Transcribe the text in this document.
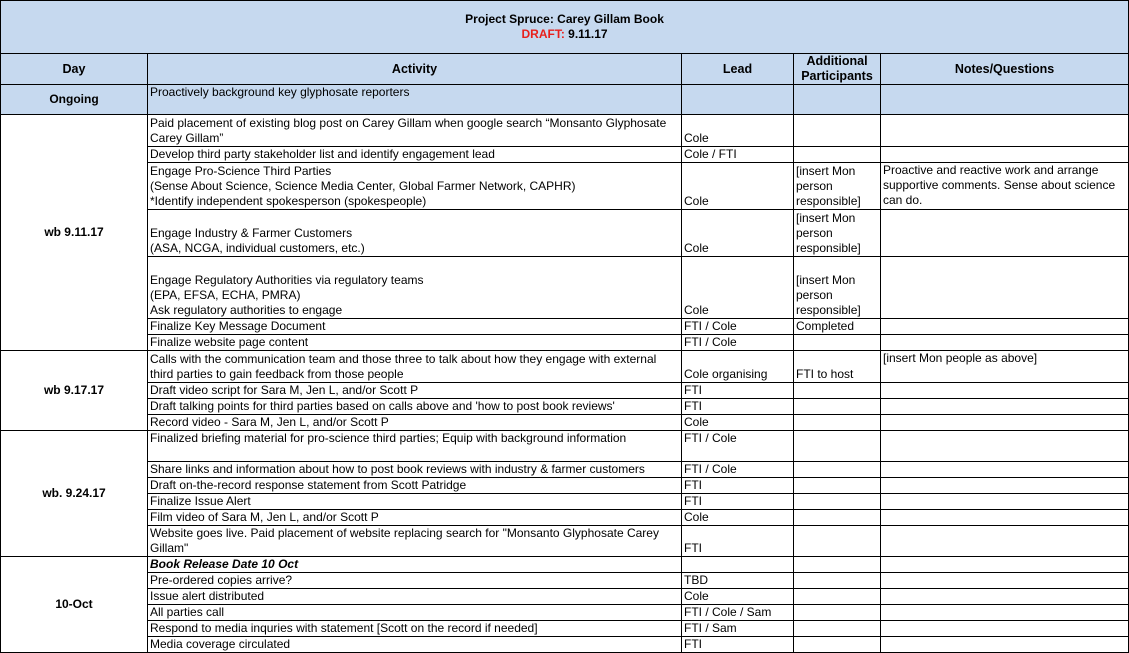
Project Spruce: Carey Gillam Book
DRAFT: 9.11.17				

Day	Activity	Lead	Additional Participants	Notes/Questions
Ongoing	Proactively background key glyphosate reporters			
wb 9.11.17	Paid placement of existing blog post on Carey Gillam when google search “Monsanto Glyphosate Carey Gillam”	Cole		
	Develop third party stakeholder list and identify engagement lead	Cole / FTI		
	Engage Pro-Science Third Parties
(Sense About Science, Science Media Center, Global Farmer Network, CAPHR)
*Identify independent spokesperson (spokespeople)	Cole	[insert Mon person responsible]	Proactive and reactive work and arrange supportive comments. Sense about science can do.
	Engage Industry & Farmer Customers
(ASA, NCGA, individual customers, etc.)	Cole	[insert Mon person responsible]	
	Engage Regulatory Authorities via regulatory teams
(EPA, EFSA, ECHA, PMRA)
Ask regulatory authorities to engage	Cole	[insert Mon person responsible]	
	Finalize Key Message Document	FTI / Cole	Completed	
	Finalize website page content	FTI / Cole		
wb 9.17.17	Calls with the communication team and those three to talk about how they engage with external third parties to gain feedback from those people	Cole organising	FTI to host	[insert Mon people as above]
	Draft video script for Sara M, Jen L, and/or Scott P	FTI		
	Draft talking points for third parties based on calls above and 'how to post book reviews'	FTI		
	Record video - Sara M, Jen L, and/or Scott P	Cole		
wb. 9.24.17	Finalized briefing material for pro-science third parties; Equip with background information	FTI / Cole		
	Share links and information about how to post book reviews with industry & farmer customers	FTI / Cole		
	Draft on-the-record response statement from Scott Patridge	FTI		
	Finalize Issue Alert	FTI		
	Film video of Sara M, Jen L, and/or Scott P	Cole		
	Website goes live. Paid placement of website replacing search for "Monsanto Glyphosate Carey Gillam"	FTI		
10-Oct	Book Release Date 10 Oct			
	Pre-ordered copies arrive?	TBD		
	Issue alert distributed	Cole		
	All parties call	FTI / Cole / Sam		
	Respond to media inquries with statement [Scott on the record if needed]	FTI / Sam		
	Media coverage circulated	FTI		
